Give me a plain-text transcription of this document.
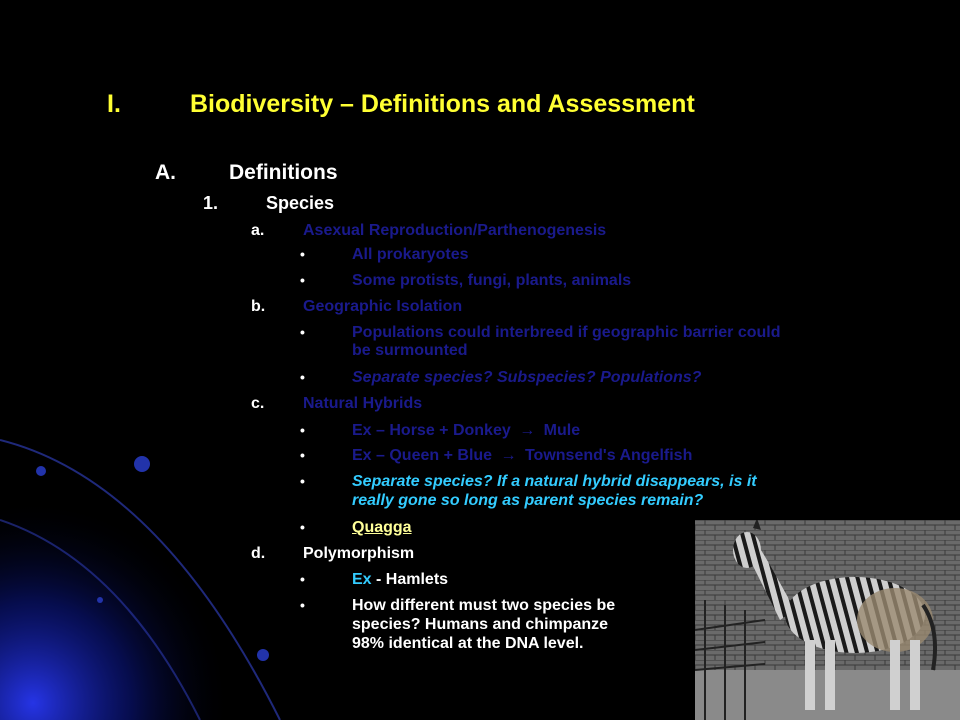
I.	Biodiversity – Definitions and Assessment
A.	Definitions
1.	Species
a. Asexual Reproduction/Parthenogenesis
•	All prokaryotes
•	Some protists, fungi, plants, animals
b. Geographic Isolation
•	Populations could interbreed if geographic barrier could
be surmounted
•	Separate species? Subspecies? Populations?
c. Natural Hybrids
•	Ex – Horse + Donkey → Mule
•	Ex – Queen + Blue → Townsend's Angelfish
•	Separate species? If a natural hybrid disappears, is it
really gone so long as parent species remain?
•	Quagga
d. Polymorphism
•	Ex - Hamlets
•	How different must two species be
species? Humans and chimpanze
98% identical at the DNA level.
